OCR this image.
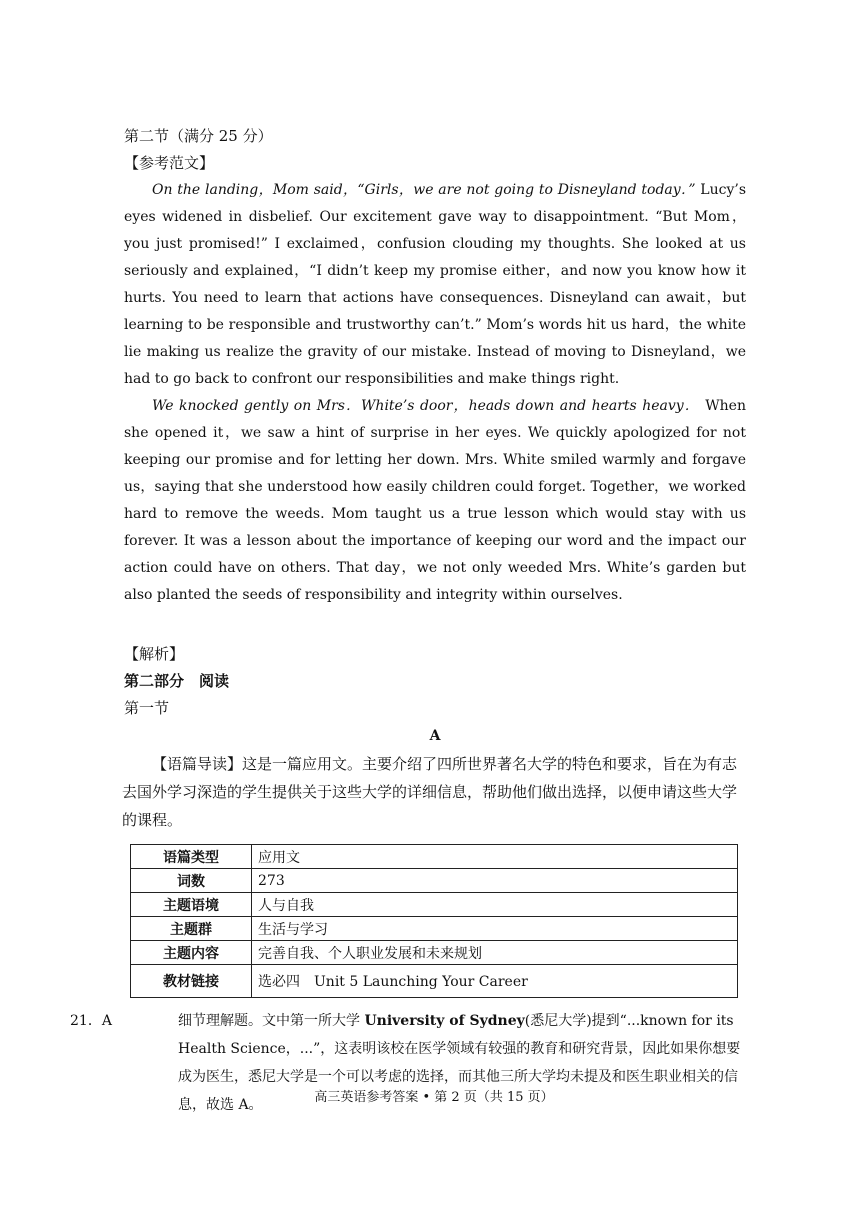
第二节（满分 25 分）
【参考范文】

On the landing，Mom said，“Girls，we are not going to Disneyland today．” Lucy’s eyes widened in disbelief. Our excitement gave way to disappointment. “But Mom，you just promised!” I exclaimed，confusion clouding my thoughts. She looked at us seriously and explained，“I didn’t keep my promise either，and now you know how it hurts. You need to learn that actions have consequences. Disneyland can await，but learning to be responsible and trustworthy can’t.” Mom’s words hit us hard，the white lie making us realize the gravity of our mistake. Instead of moving to Disneyland，we had to go back to confront our responsibilities and make things right.

We knocked gently on Mrs．White’s door，heads down and hearts heavy． When she opened it，we saw a hint of surprise in her eyes. We quickly apologized for not keeping our promise and for letting her down. Mrs. White smiled warmly and forgave us，saying that she understood how easily children could forget. Together，we worked hard to remove the weeds. Mom taught us a true lesson which would stay with us forever. It was a lesson about the importance of keeping our word and the impact our action could have on others. That day，we not only weeded Mrs. White’s garden but also planted the seeds of responsibility and integrity within ourselves.

【解析】
第二部分　阅读
第一节
A
【语篇导读】这是一篇应用文。主要介绍了四所世界著名大学的特色和要求，旨在为有志去国外学习深造的学生提供关于这些大学的详细信息，帮助他们做出选择，以便申请这些大学的课程。
语篇类型	应用文
词数	273
主题语境	人与自我
主题群	生活与学习
主题内容	完善自我、个人职业发展和未来规划
教材链接	选必四　Unit 5 Launching Your Career
21．A	细节理解题。文中第一所大学 University of Sydney(悉尼大学)提到“...known for its Health Science，...”，这表明该校在医学领域有较强的教育和研究背景，因此如果你想要成为医生，悉尼大学是一个可以考虑的选择，而其他三所大学均未提及和医生职业相关的信息，故选 A。	高三英语参考答案 • 第 2 页（共 15 页）
